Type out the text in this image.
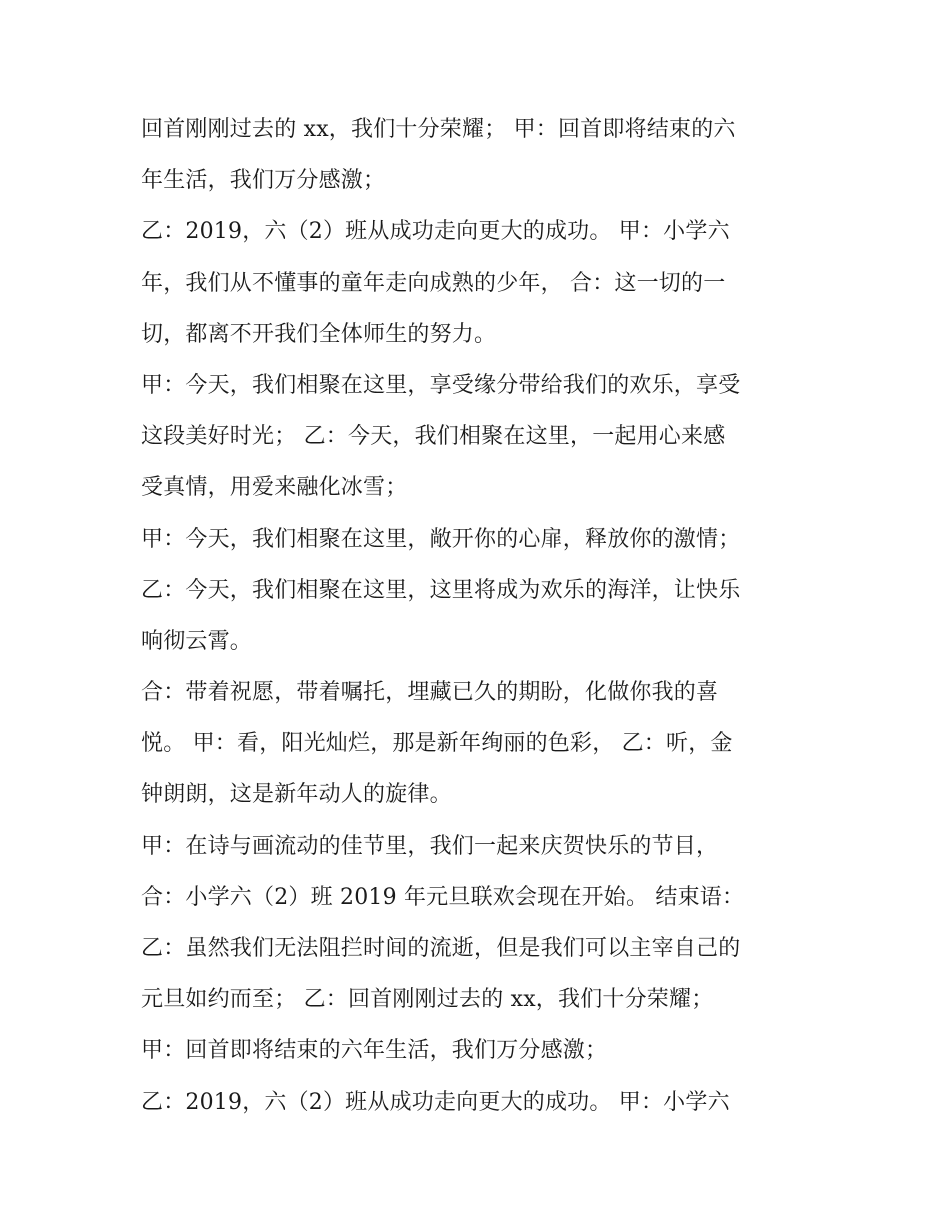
回首刚刚过去的 xx，我们十分荣耀； 甲：回首即将结束的六
年生活，我们万分感激；
乙：2019，六（2）班从成功走向更大的成功。 甲：小学六
年，我们从不懂事的童年走向成熟的少年， 合：这一切的一
切，都离不开我们全体师生的努力。
甲：今天，我们相聚在这里，享受缘分带给我们的欢乐，享受
这段美好时光； 乙：今天，我们相聚在这里，一起用心来感
受真情，用爱来融化冰雪；
甲：今天，我们相聚在这里，敞开你的心扉，释放你的激情；
乙：今天，我们相聚在这里，这里将成为欢乐的海洋，让快乐
响彻云霄。
合：带着祝愿，带着嘱托，埋藏已久的期盼，化做你我的喜
悦。 甲：看，阳光灿烂，那是新年绚丽的色彩， 乙：听，金
钟朗朗，这是新年动人的旋律。
甲：在诗与画流动的佳节里，我们一起来庆贺快乐的节目，
合：小学六（2）班 2019 年元旦联欢会现在开始。 结束语：
乙：虽然我们无法阻拦时间的流逝，但是我们可以主宰自己的
元旦如约而至； 乙：回首刚刚过去的 xx，我们十分荣耀；
甲：回首即将结束的六年生活，我们万分感激；
乙：2019，六（2）班从成功走向更大的成功。 甲：小学六
